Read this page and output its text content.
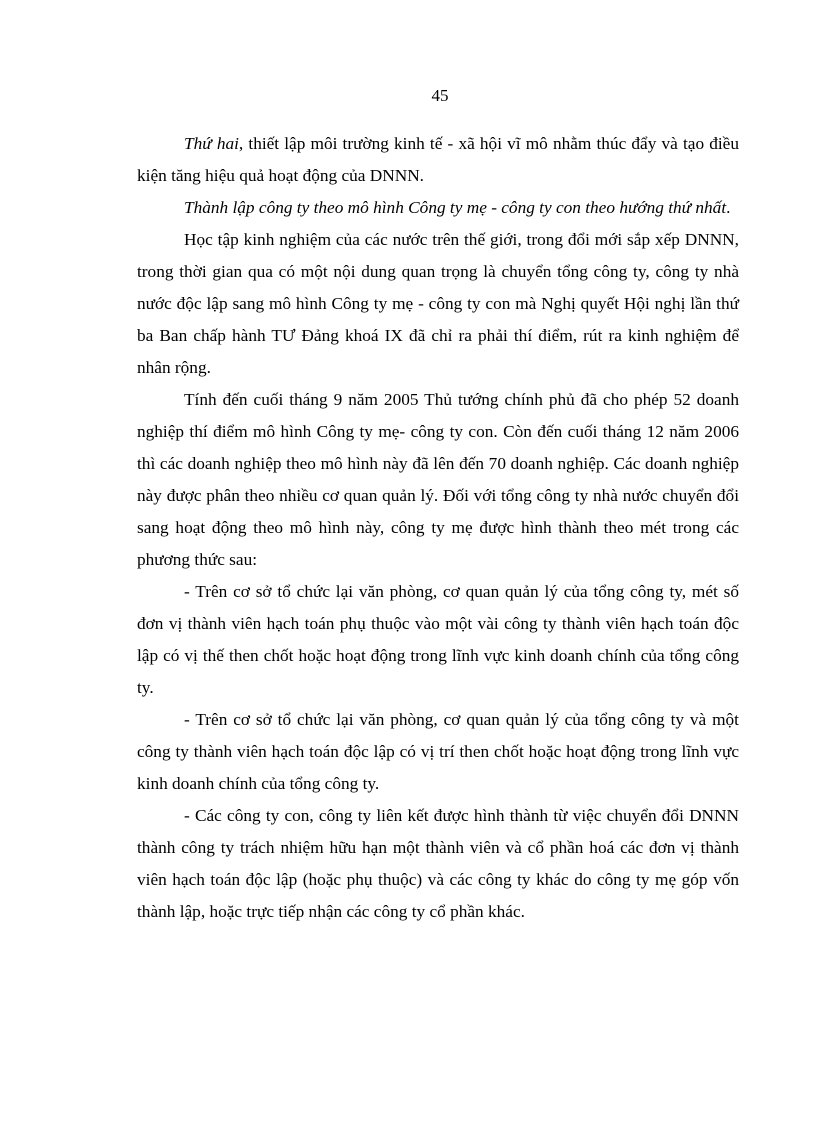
45

Thứ hai, thiết lập môi trường kinh tế - xã hội vĩ mô nhằm thúc đẩy và tạo điều kiện tăng hiệu quả hoạt động của DNNN.

Thành lập công ty theo mô hình Công ty mẹ - công ty con theo hướng thứ nhất.

Học tập kinh nghiệm của các nước trên thế giới, trong đổi mới sắp xếp DNNN, trong thời gian qua có một nội dung quan trọng là chuyển tổng công ty, công ty nhà nước độc lập sang mô hình Công ty mẹ - công ty con mà Nghị quyết Hội nghị lần thứ ba Ban chấp hành TƯ Đảng khoá IX đã chỉ ra phải thí điểm, rút ra kinh nghiệm để nhân rộng.

Tính đến cuối tháng 9 năm 2005 Thủ tướng chính phủ đã cho phép 52 doanh nghiệp thí điểm mô hình Công ty mẹ- công ty con. Còn đến cuối tháng 12 năm 2006 thì các doanh nghiệp theo mô hình này đã lên đến 70 doanh nghiệp. Các doanh nghiệp này được phân theo nhiều cơ quan quản lý. Đối với tổng công ty nhà nước chuyển đổi sang hoạt động theo mô hình này, công ty mẹ được hình thành theo mét trong các phương thức sau:

- Trên cơ sở tổ chức lại văn phòng, cơ quan quản lý của tổng công ty, mét số đơn vị thành viên hạch toán phụ thuộc vào một vài công ty thành viên hạch toán độc lập có vị thế then chốt hoặc hoạt động trong lĩnh vực kinh doanh chính của tổng công ty.

- Trên cơ sở tổ chức lại văn phòng, cơ quan quản lý của tổng công ty và một công ty thành viên hạch toán độc lập có vị trí then chốt hoặc hoạt động trong lĩnh vực kinh doanh chính của tổng công ty.

- Các công ty con, công ty liên kết được hình thành từ việc chuyển đổi DNNN thành công ty trách nhiệm hữu hạn một thành viên và cổ phần hoá các đơn vị thành viên hạch toán độc lập (hoặc phụ thuộc) và các công ty khác do công ty mẹ góp vốn thành lập, hoặc trực tiếp nhận các công ty cổ phần khác.
